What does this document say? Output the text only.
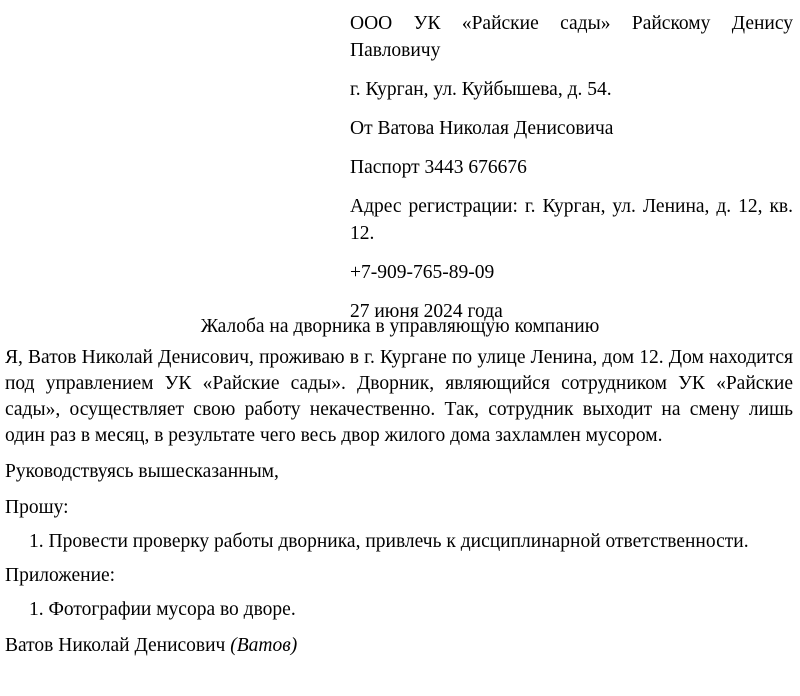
ООО УК «Райские сады» Райскому Денису Павловичу

г. Курган, ул. Куйбышева, д. 54.

От Ватова Николая Денисовича

Паспорт 3443 676676

Адрес регистрации: г. Курган, ул. Ленина, д. 12, кв. 12.

+7-909-765-89-09

27 июня 2024 года

Жалоба на дворника в управляющую компанию

Я, Ватов Николай Денисович, проживаю в г. Кургане по улице Ленина, дом 12. Дом находится под управлением УК «Райские сады». Дворник, являющийся сотрудником УК «Райские сады», осуществляет свою работу некачественно. Так, сотрудник выходит на смену лишь один раз в месяц, в результате чего весь двор жилого дома захламлен мусором.

Руководствуясь вышесказанным,

Прошу:

1. Провести проверку работы дворника, привлечь к дисциплинарной ответственности.

Приложение:

1. Фотографии мусора во дворе.

Ватов Николай Денисович (Ватов)
